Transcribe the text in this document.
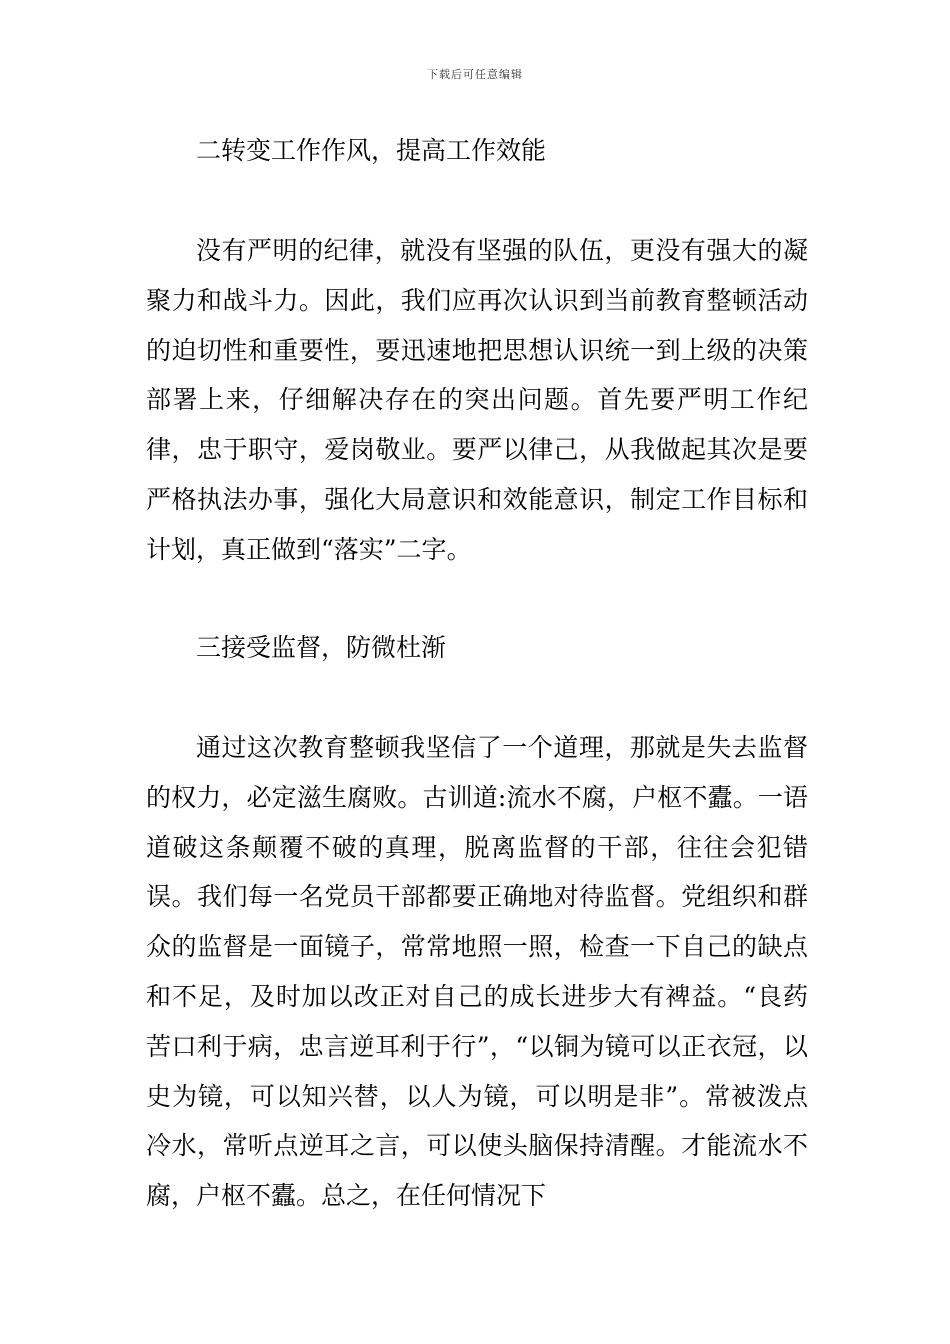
下载后可任意编辑
二转变工作作风，提高工作效能

没有严明的纪律，就没有坚强的队伍，更没有强大的凝聚力和战斗力。因此，我们应再次认识到当前教育整顿活动的迫切性和重要性，要迅速地把思想认识统一到上级的决策部署上来，仔细解决存在的突出问题。首先要严明工作纪律，忠于职守，爱岗敬业。要严以律己，从我做起其次是要严格执法办事，强化大局意识和效能意识，制定工作目标和计划，真正做到“落实”二字。

三接受监督，防微杜渐

通过这次教育整顿我坚信了一个道理，那就是失去监督的权力，必定滋生腐败。古训道:流水不腐，户枢不蠹。一语道破这条颠覆不破的真理，脱离监督的干部，往往会犯错误。我们每一名党员干部都要正确地对待监督。党组织和群众的监督是一面镜子，常常地照一照，检查一下自己的缺点和不足，及时加以改正对自己的成长进步大有裨益。“良药苦口利于病，忠言逆耳利于行”，“以铜为镜可以正衣冠，以史为镜，可以知兴替，以人为镜，可以明是非”。常被泼点冷水，常听点逆耳之言，可以使头脑保持清醒。才能流水不腐，户枢不蠹。总之，在任何情况下
